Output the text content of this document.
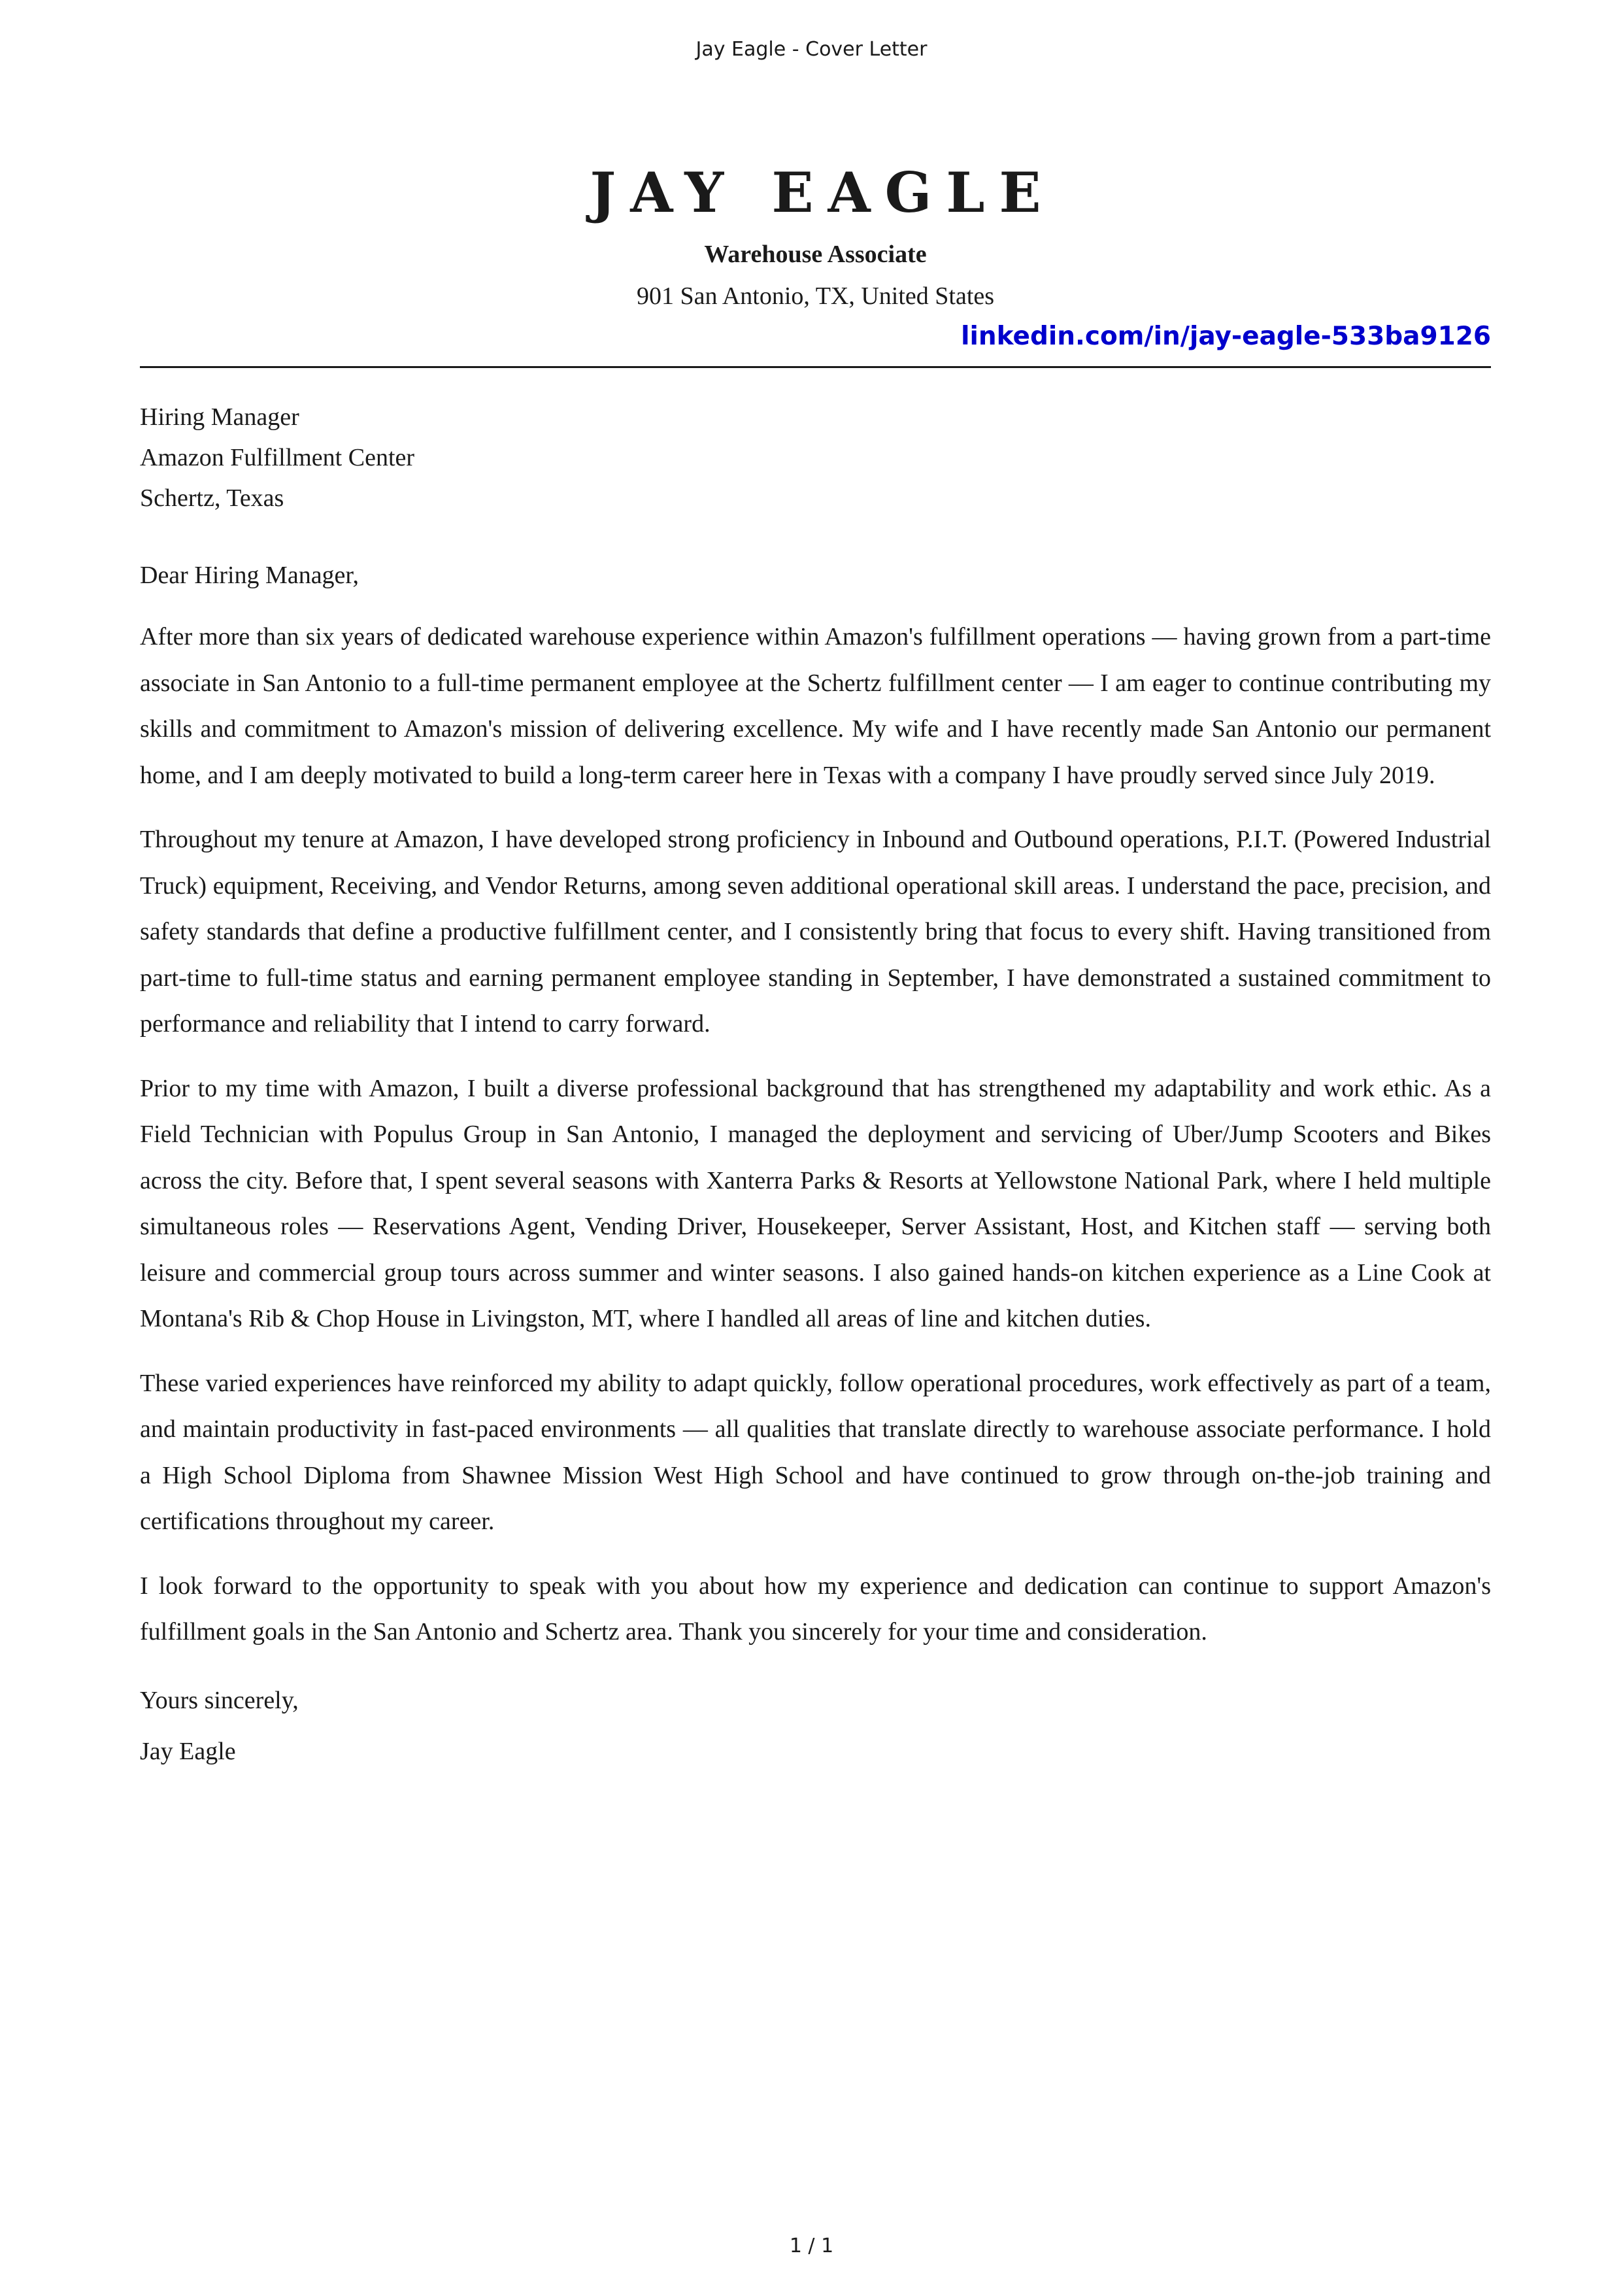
Jay Eagle - Cover Letter
JAY EAGLE
Warehouse Associate
901 San Antonio, TX, United States
linkedin.com/in/jay-eagle-533ba9126
Hiring Manager
Amazon Fulfillment Center
Schertz, Texas
Dear Hiring Manager,

After more than six years of dedicated warehouse experience within Amazon's fulfillment operations — having grown from a part-time associate in San Antonio to a full-time permanent employee at the Schertz fulfillment center — I am eager to continue contributing my skills and commitment to Amazon's mission of delivering excellence. My wife and I have recently made San Antonio our permanent home, and I am deeply motivated to build a long-term career here in Texas with a company I have proudly served since July 2019.

Throughout my tenure at Amazon, I have developed strong proficiency in Inbound and Outbound operations, P.I.T. (Powered Industrial Truck) equipment, Receiving, and Vendor Returns, among seven additional operational skill areas. I understand the pace, precision, and safety standards that define a productive fulfillment center, and I consistently bring that focus to every shift. Having transitioned from part-time to full-time status and earning permanent employee standing in September, I have demonstrated a sustained commitment to performance and reliability that I intend to carry forward.

Prior to my time with Amazon, I built a diverse professional background that has strengthened my adaptability and work ethic. As a Field Technician with Populus Group in San Antonio, I managed the deployment and servicing of Uber/Jump Scooters and Bikes across the city. Before that, I spent several seasons with Xanterra Parks & Resorts at Yellowstone National Park, where I held multiple simultaneous roles — Reservations Agent, Vending Driver, Housekeeper, Server Assistant, Host, and Kitchen staff — serving both leisure and commercial group tours across summer and winter seasons. I also gained hands-on kitchen experience as a Line Cook at Montana's Rib & Chop House in Livingston, MT, where I handled all areas of line and kitchen duties.

These varied experiences have reinforced my ability to adapt quickly, follow operational procedures, work effectively as part of a team, and maintain productivity in fast-paced environments — all qualities that translate directly to warehouse associate performance. I hold a High School Diploma from Shawnee Mission West High School and have continued to grow through on-the-job training and certifications throughout my career.

I look forward to the opportunity to speak with you about how my experience and dedication can continue to support Amazon's fulfillment goals in the San Antonio and Schertz area. Thank you sincerely for your time and consideration.

Yours sincerely,
Jay Eagle
1 / 1
